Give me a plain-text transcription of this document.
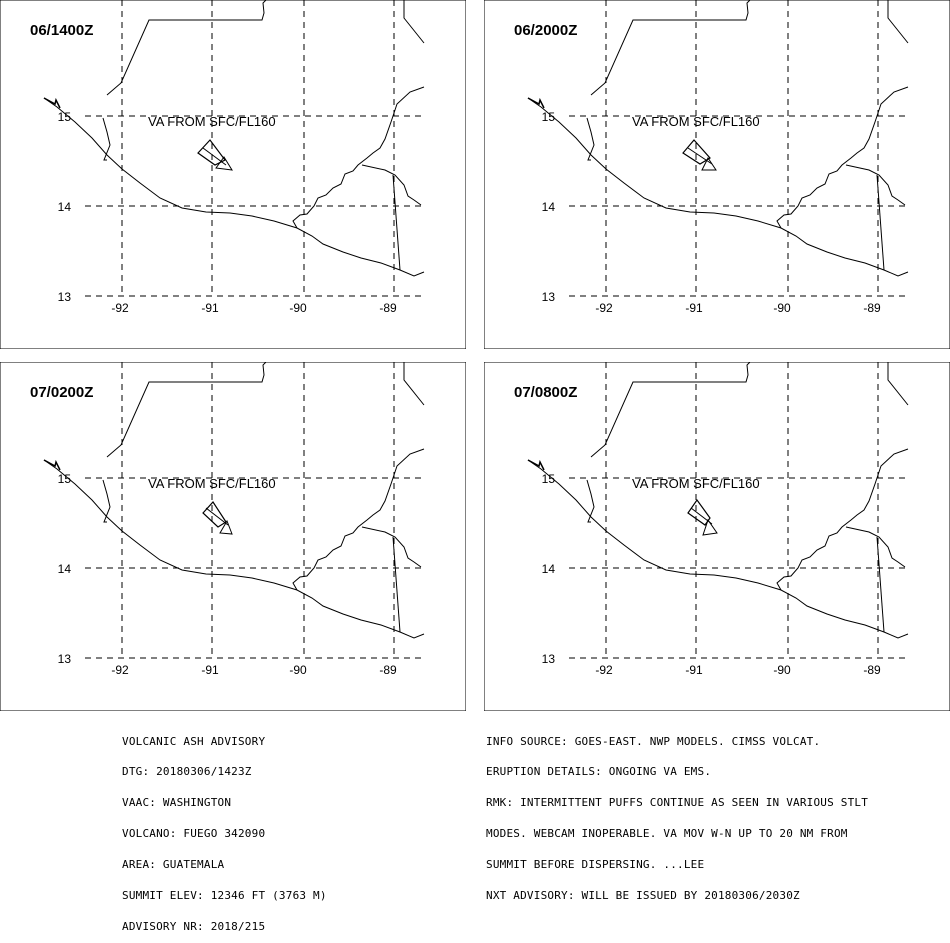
-92	-91	-90	-89
15
14
13
06/1400Z
VA FROM SFC/FL160
-92	-91	-90	-89
15
14
13
06/2000Z
VA FROM SFC/FL160
-92	-91	-90	-89
15
14
13
07/0200Z
VA FROM SFC/FL160
-92	-91	-90	-89
15
14
13
07/0800Z
VA FROM SFC/FL160

VOLCANIC ASH ADVISORY

DTG: 20180306/1423Z

VAAC: WASHINGTON

VOLCANO: FUEGO 342090

AREA: GUATEMALA

SUMMIT ELEV: 12346 FT (3763 M)

ADVISORY NR: 2018/215

INFO SOURCE: GOES-EAST. NWP MODELS. CIMSS VOLCAT.

ERUPTION DETAILS: ONGOING VA EMS.

RMK: INTERMITTENT PUFFS CONTINUE AS SEEN IN VARIOUS STLT

MODES. WEBCAM INOPERABLE. VA MOV W-N UP TO 20 NM FROM

SUMMIT BEFORE DISPERSING. ...LEE

NXT ADVISORY: WILL BE ISSUED BY 20180306/2030Z
